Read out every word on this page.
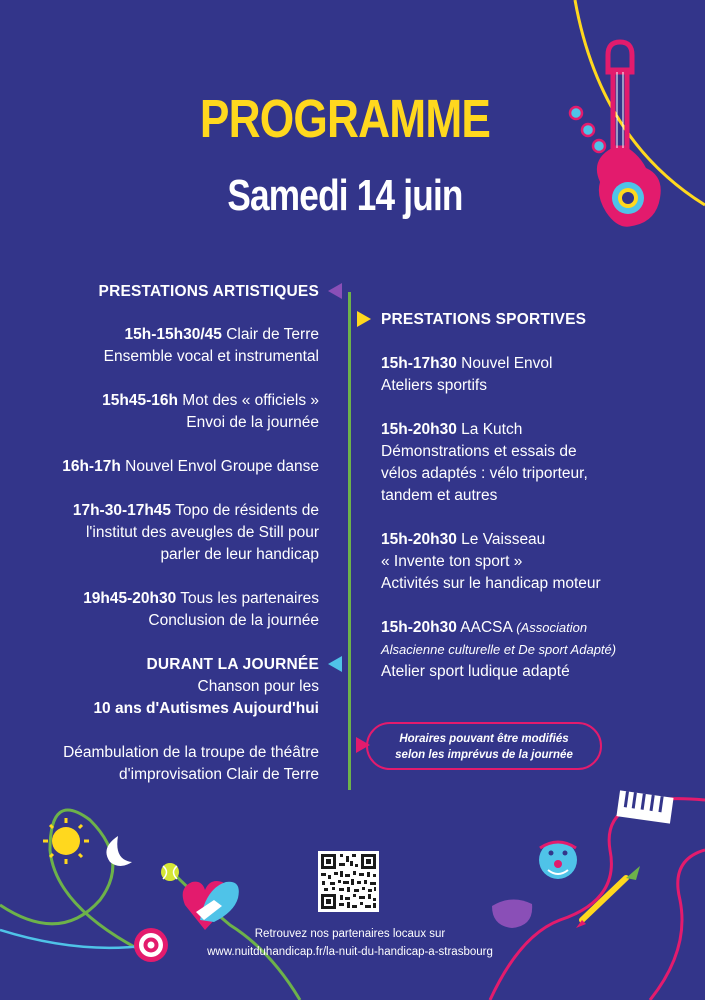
PROGRAMME
Samedi 14 juin
PRESTATIONS ARTISTIQUES
15h-15h30/45 Clair de Terre
Ensemble vocal et instrumental
15h45-16h Mot des « officiels »
Envoi de la journée
16h-17h Nouvel Envol Groupe danse
17h-30-17h45 Topo de résidents de
l'institut des aveugles de Still pour
parler de leur handicap
19h45-20h30 Tous les partenaires
Conclusion de la journée
DURANT LA JOURNÉE
Chanson pour les
10 ans d'Autismes Aujourd'hui
Déambulation de la troupe de théâtre
d'improvisation Clair de Terre
PRESTATIONS SPORTIVES
15h-17h30 Nouvel Envol
Ateliers sportifs
15h-20h30 La Kutch
Démonstrations et essais de
vélos adaptés : vélo triporteur,
tandem et autres
15h-20h30 Le Vaisseau
« Invente ton sport »
Activités sur le handicap moteur
15h-20h30 AACSA (Association
Alsacienne culturelle et De sport Adapté)
Atelier sport ludique adapté
Horaires pouvant être modifiés
selon les imprévus de la journée
Retrouvez nos partenaires locaux sur
www.nuitduhandicap.fr/la-nuit-du-handicap-a-strasbourg
